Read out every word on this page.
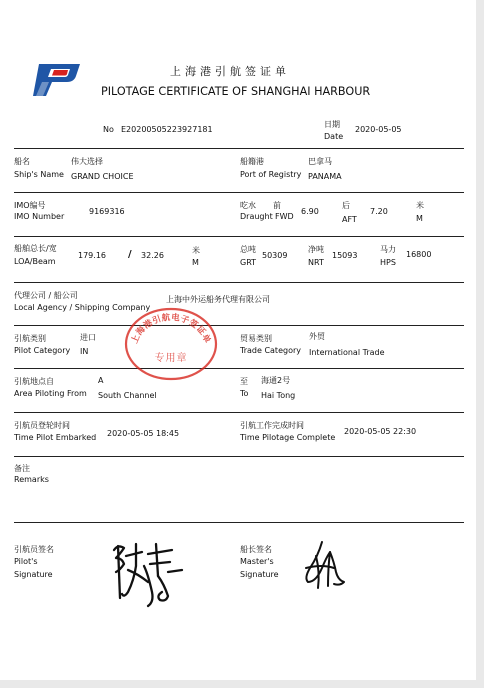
上海港引航签证单
PILOTAGE CERTIFICATE OF SHANGHAI HARBOUR
No E20200505223927181
日期
Date
2020-05-05
船名
Ship's Name
伟大选择
GRAND CHOICE
船籍港
Port of Registry
巴拿马
PANAMA
IMO编号
IMO Number
9169316
吃水
Draught
前
FWD
6.90
后
AFT
7.20
米
M
船舶总长/宽
LOA/Beam
179.16 / 32.26
米
M
总吨
GRT
50309
净吨
NRT
15093
马力
HPS
16800
代理公司 / 船公司
Local Agency / Shipping Company
上海中外运船务代理有限公司
引航类别
Pilot Category
进口
IN
贸易类别
Trade Category
外贸
International Trade
引航地点自
Area Piloting From
A
South Channel
至
To
海通2号
Hai Tong
引航员登轮时间
Time Pilot Embarked 2020-05-05 18:45
引航工作完成时间
Time Pilotage Complete
2020-05-05 22:30
备注
Remarks
引航员签名
Pilot's
Signature
船长签名
Master's
Signature
上海港引航电子签证单
专用章
